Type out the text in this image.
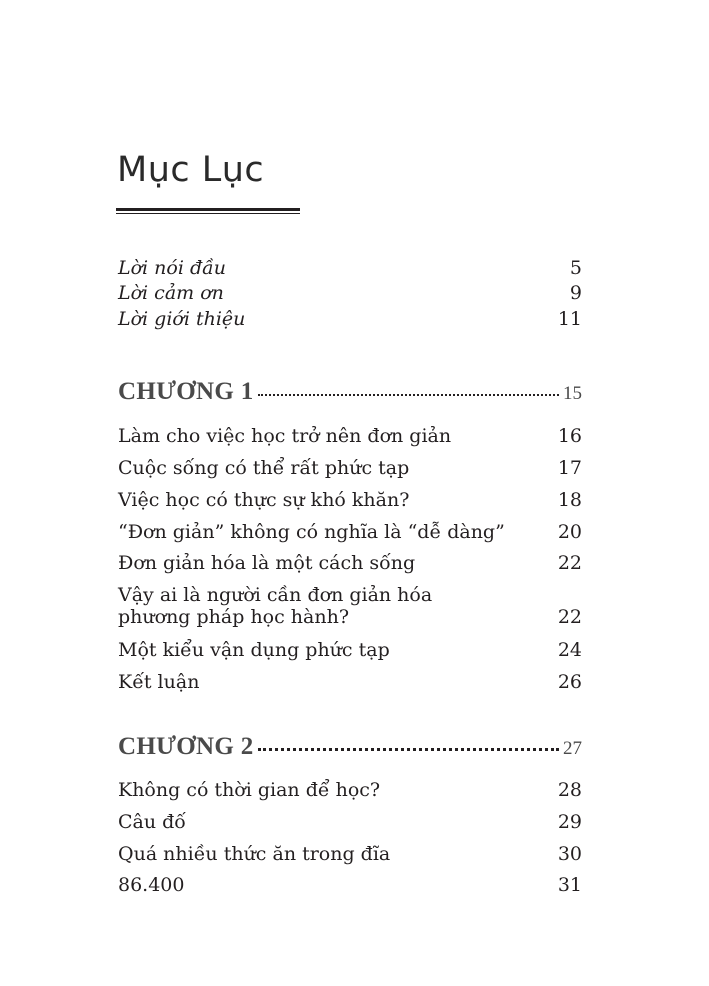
Mục Lục
Lời nói đầu	5
Lời cảm ơn	9
Lời giới thiệu	11
CHƯƠNG 1	15
Làm cho việc học trở nên đơn giản	16
Cuộc sống có thể rất phức tạp	17
Việc học có thực sự khó khăn?	18
“Đơn giản” không có nghĩa là “dễ dàng”	20
Đơn giản hóa là một cách sống	22
Vậy ai là người cần đơn giản hóa
phương pháp học hành?	22
Một kiểu vận dụng phức tạp	24
Kết luận	26
CHƯƠNG 2	27
Không có thời gian để học?	28
Câu đố	29
Quá nhiều thức ăn trong đĩa	30
86.400	31
